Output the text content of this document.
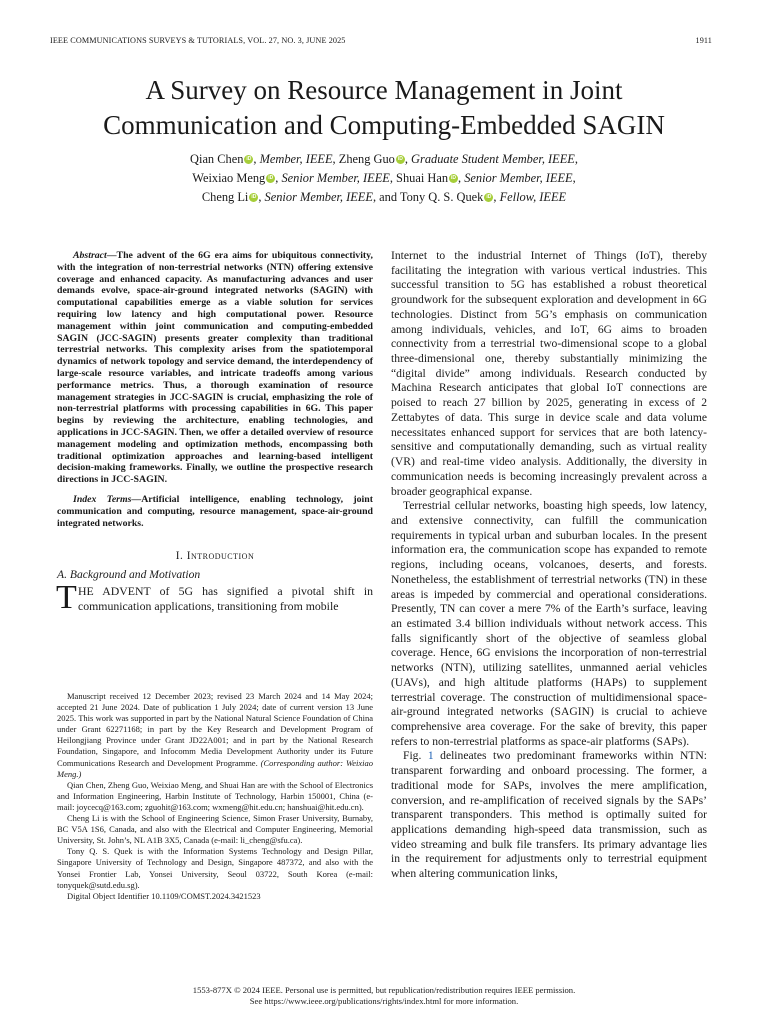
IEEE COMMUNICATIONS SURVEYS & TUTORIALS, VOL. 27, NO. 3, JUNE 2025	1911
A Survey on Resource Management in Joint
Communication and Computing-Embedded SAGIN
Qian Chen iD , Member, IEEE, Zheng Guo iD , Graduate Student Member, IEEE,
Weixiao Meng iD , Senior Member, IEEE, Shuai Han iD , Senior Member, IEEE,
Cheng Li iD , Senior Member, IEEE, and Tony Q. S. Quek iD , Fellow, IEEE

Abstract—The advent of the 6G era aims for ubiquitous connectivity, with the integration of non-terrestrial networks (NTN) offering extensive coverage and enhanced capacity. As manufacturing advances and user demands evolve, space-air-ground integrated networks (SAGIN) with computational capabilities emerge as a viable solution for services requiring low latency and high computational power. Resource management within joint communication and computing-embedded SAGIN (JCC-SAGIN) presents greater complexity than traditional terrestrial networks. This complexity arises from the spatiotemporal dynamics of network topology and service demand, the interdependency of large-scale resource variables, and intricate tradeoffs among various performance metrics. Thus, a thorough examination of resource management strategies in JCC-SAGIN is crucial, emphasizing the role of non-terrestrial platforms with processing capabilities in 6G. This paper begins by reviewing the architecture, enabling technologies, and applications in JCC-SAGIN. Then, we offer a detailed overview of resource management modeling and optimization methods, encompassing both traditional optimization approaches and learning-based intelligent decision-making frameworks. Finally, we outline the prospective research directions in JCC-SAGIN.

Index Terms—Artificial intelligence, enabling technology, joint communication and computing, resource management, space-air-ground integrated networks.

I. Introduction
A. Background and Motivation
T HE ADVENT of 5G has signified a pivotal shift in communication applications, transitioning from mobile

Manuscript received 12 December 2023; revised 23 March 2024 and 14 May 2024; accepted 21 June 2024. Date of publication 1 July 2024; date of current version 13 June 2025. This work was supported in part by the National Natural Science Foundation of China under Grant 62271168; in part by the Key Research and Development Program of Heilongjiang Province under Grant JD22A001; and in part by the National Research Foundation, Singapore, and Infocomm Media Development Authority under its Future Communications Research and Development Programme. (Corresponding author: Weixiao Meng.)

Qian Chen, Zheng Guo, Weixiao Meng, and Shuai Han are with the School of Electronics and Information Engineering, Harbin Institute of Technology, Harbin 150001, China (e-mail: joycecq@163.com; zguohit@163.com; wxmeng@hit.edu.cn; hanshuai@hit.edu.cn).

Cheng Li is with the School of Engineering Science, Simon Fraser University, Burnaby, BC V5A 1S6, Canada, and also with the Electrical and Computer Engineering, Memorial University, St. John’s, NL A1B 3X5, Canada (e-mail: li_cheng@sfu.ca).

Tony Q. S. Quek is with the Information Systems Technology and Design Pillar, Singapore University of Technology and Design, Singapore 487372, and also with the Yonsei Frontier Lab, Yonsei University, Seoul 03722, South Korea (e-mail: tonyquek@sutd.edu.sg).

Digital Object Identifier 10.1109/COMST.2024.3421523

Internet to the industrial Internet of Things (IoT), thereby facilitating the integration with various vertical industries. This successful transition to 5G has established a robust theoretical groundwork for the subsequent exploration and development in 6G technologies. Distinct from 5G’s emphasis on communication among individuals, vehicles, and IoT, 6G aims to broaden connectivity from a terrestrial two-dimensional scope to a global three-dimensional one, thereby substantially minimizing the “digital divide” among individuals. Research conducted by Machina Research anticipates that global IoT connections are poised to reach 27 billion by 2025, generating in excess of 2 Zettabytes of data. This surge in device scale and data volume necessitates enhanced support for services that are both latency-sensitive and computationally demanding, such as virtual reality (VR) and real-time video analysis. Additionally, the diversity in communication needs is becoming increasingly prevalent across a broader geographical expanse.

Terrestrial cellular networks, boasting high speeds, low latency, and extensive connectivity, can fulfill the communication requirements in typical urban and suburban locales. In the present information era, the communication scope has expanded to remote regions, including oceans, volcanoes, deserts, and forests. Nonetheless, the establishment of terrestrial networks (TN) in these areas is impeded by commercial and operational considerations. Presently, TN can cover a mere 7% of the Earth’s surface, leaving an estimated 3.4 billion individuals without network access. This falls significantly short of the objective of seamless global coverage. Hence, 6G envisions the incorporation of non-terrestrial networks (NTN), utilizing satellites, unmanned aerial vehicles (UAVs), and high altitude platforms (HAPs) to supplement terrestrial coverage. The construction of multidimensional space-air-ground integrated networks (SAGIN) is crucial to achieve comprehensive area coverage. For the sake of brevity, this paper refers to non-terrestrial platforms as space-air platforms (SAPs).

Fig. 1 delineates two predominant frameworks within NTN: transparent forwarding and onboard processing. The former, a traditional mode for SAPs, involves the mere amplification, conversion, and re-amplification of received signals by the SAPs’ transparent transponders. This method is optimally suited for applications demanding high-speed data transmission, such as video streaming and bulk file transfers. Its primary advantage lies in the requirement for adjustments only to terrestrial equipment when altering communication links,

1553-877X © 2024 IEEE. Personal use is permitted, but republication/redistribution requires IEEE permission.
See https://www.ieee.org/publications/rights/index.html for more information.
